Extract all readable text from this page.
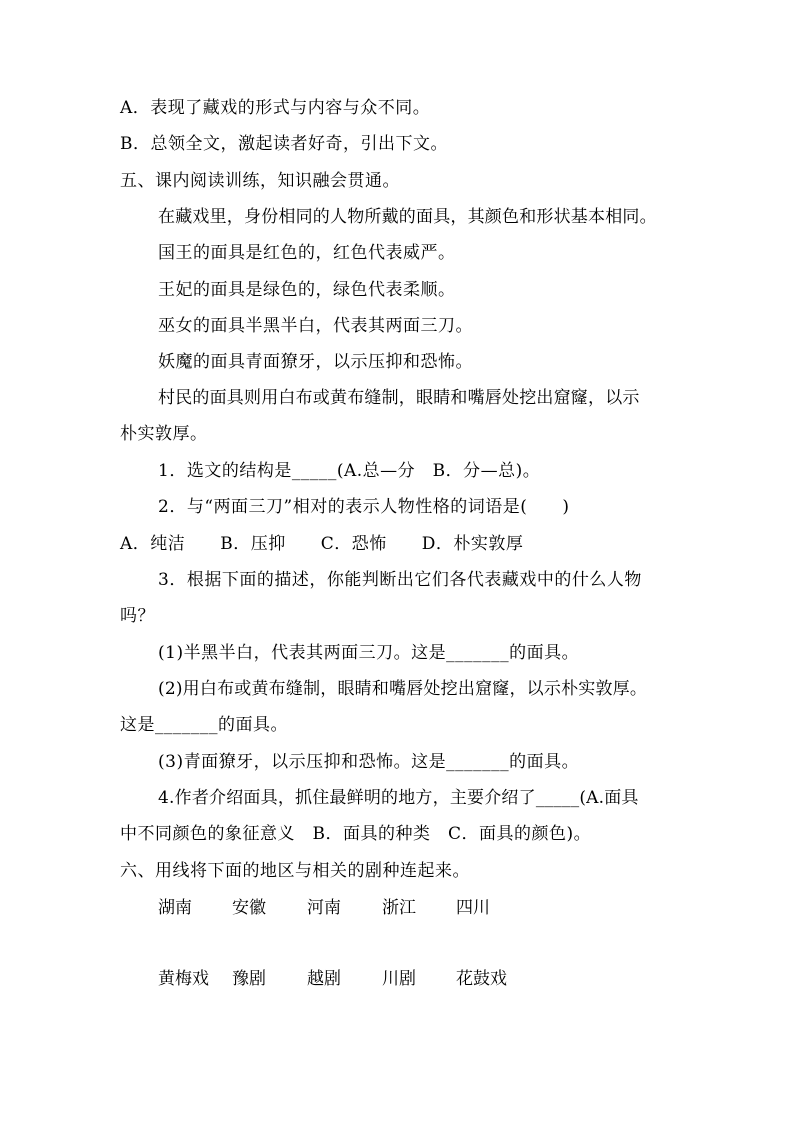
A．表现了藏戏的形式与内容与众不同。
B．总领全文，激起读者好奇，引出下文。
五、课内阅读训练，知识融会贯通。
在藏戏里，身份相同的人物所戴的面具，其颜色和形状基本相同。
国王的面具是红色的，红色代表威严。
王妃的面具是绿色的，绿色代表柔顺。
巫女的面具半黑半白，代表其两面三刀。
妖魔的面具青面獠牙，以示压抑和恐怖。
村民的面具则用白布或黄布缝制，眼睛和嘴唇处挖出窟窿，以示
朴实敦厚。
1．选文的结构是_____(A.总—分　B．分—总)。
2．与“两面三刀”相对的表示人物性格的词语是(　　)
A．纯洁　　B．压抑　　C．恐怖　　D．朴实敦厚
3．根据下面的描述，你能判断出它们各代表藏戏中的什么人物
吗？
(1)半黑半白，代表其两面三刀。这是_______的面具。
(2)用白布或黄布缝制，眼睛和嘴唇处挖出窟窿，以示朴实敦厚。
这是_______的面具。
(3)青面獠牙，以示压抑和恐怖。这是_______的面具。
4.作者介绍面具，抓住最鲜明的地方，主要介绍了_____(A.面具
中不同颜色的象征意义　B．面具的种类　C．面具的颜色)。
六、用线将下面的地区与相关的剧种连起来。
湖南 安徽 河南 浙江 四川
黄梅戏 豫剧 越剧 川剧 花鼓戏
